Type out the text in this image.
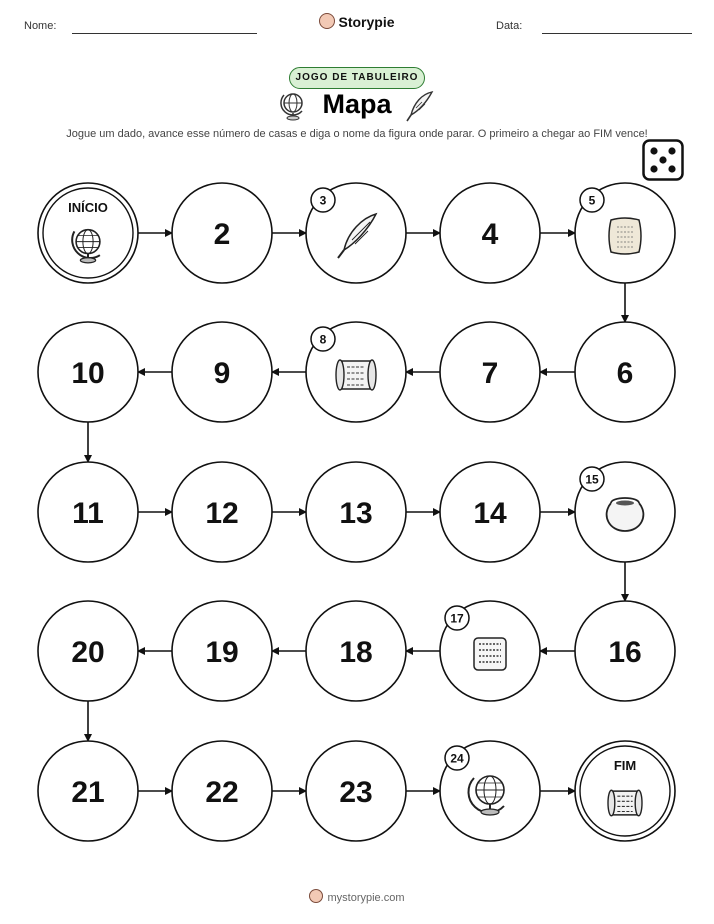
Nome:	Storypie	Data:
JOGO DE TABULEIRO
Mapa
Jogue um dado, avance esse número de casas e diga o nome da figura onde parar. O primeiro a chegar ao FIM vence!
INÍCIO
2
3
4
5
6
7
8
9
10
11	12	13	14
15
16
17
18
19
20
21	22	23
24	FIM
mystorypie.com
